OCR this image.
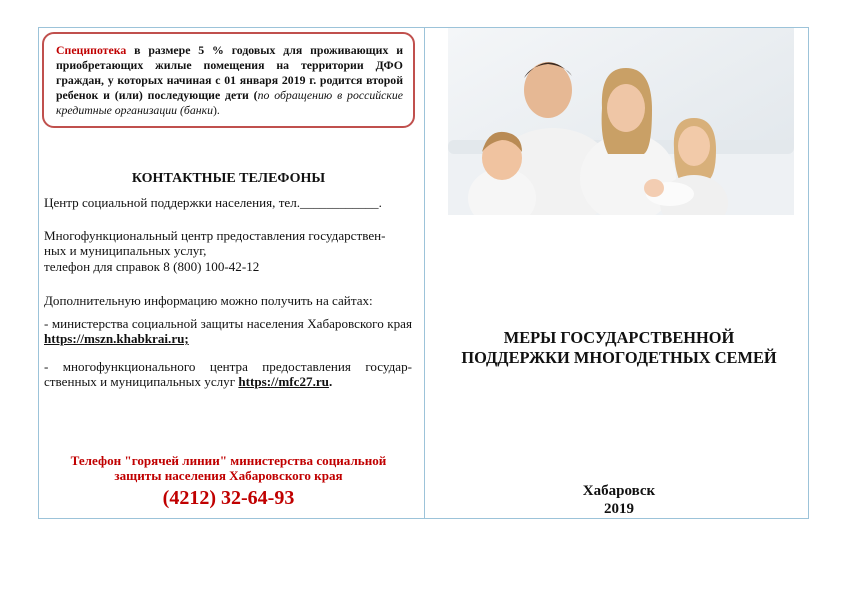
Специпотека в размере 5 % годовых для проживающих и приобретающих жилые помещения на территории ДФО граждан, у которых начиная с 01 января 2019 г. родится второй ребенок и (или) последующие дети (по обращению в российские кредитные организации (банки).
КОНТАКТНЫЕ ТЕЛЕФОНЫ
Центр социальной поддержки населения, тел.____________.
Многофункциональный центр предоставления государствен-
ных и муниципальных услуг,
телефон для справок 8 (800) 100-42-12
Дополнительную информацию можно получить на сайтах:
- министерства социальной защиты населения Хабаровского края https://mszn.khabkrai.ru;
- многофункционального центра предоставления государ-ственных и муниципальных услуг https://mfc27.ru.
Телефон "горячей линии" министерства социальной
защиты населения Хабаровского края
(4212) 32-64-93
МЕРЫ ГОСУДАРСТВЕННОЙ
ПОДДЕРЖКИ МНОГОДЕТНЫХ СЕМЕЙ
Хабаровск
2019
